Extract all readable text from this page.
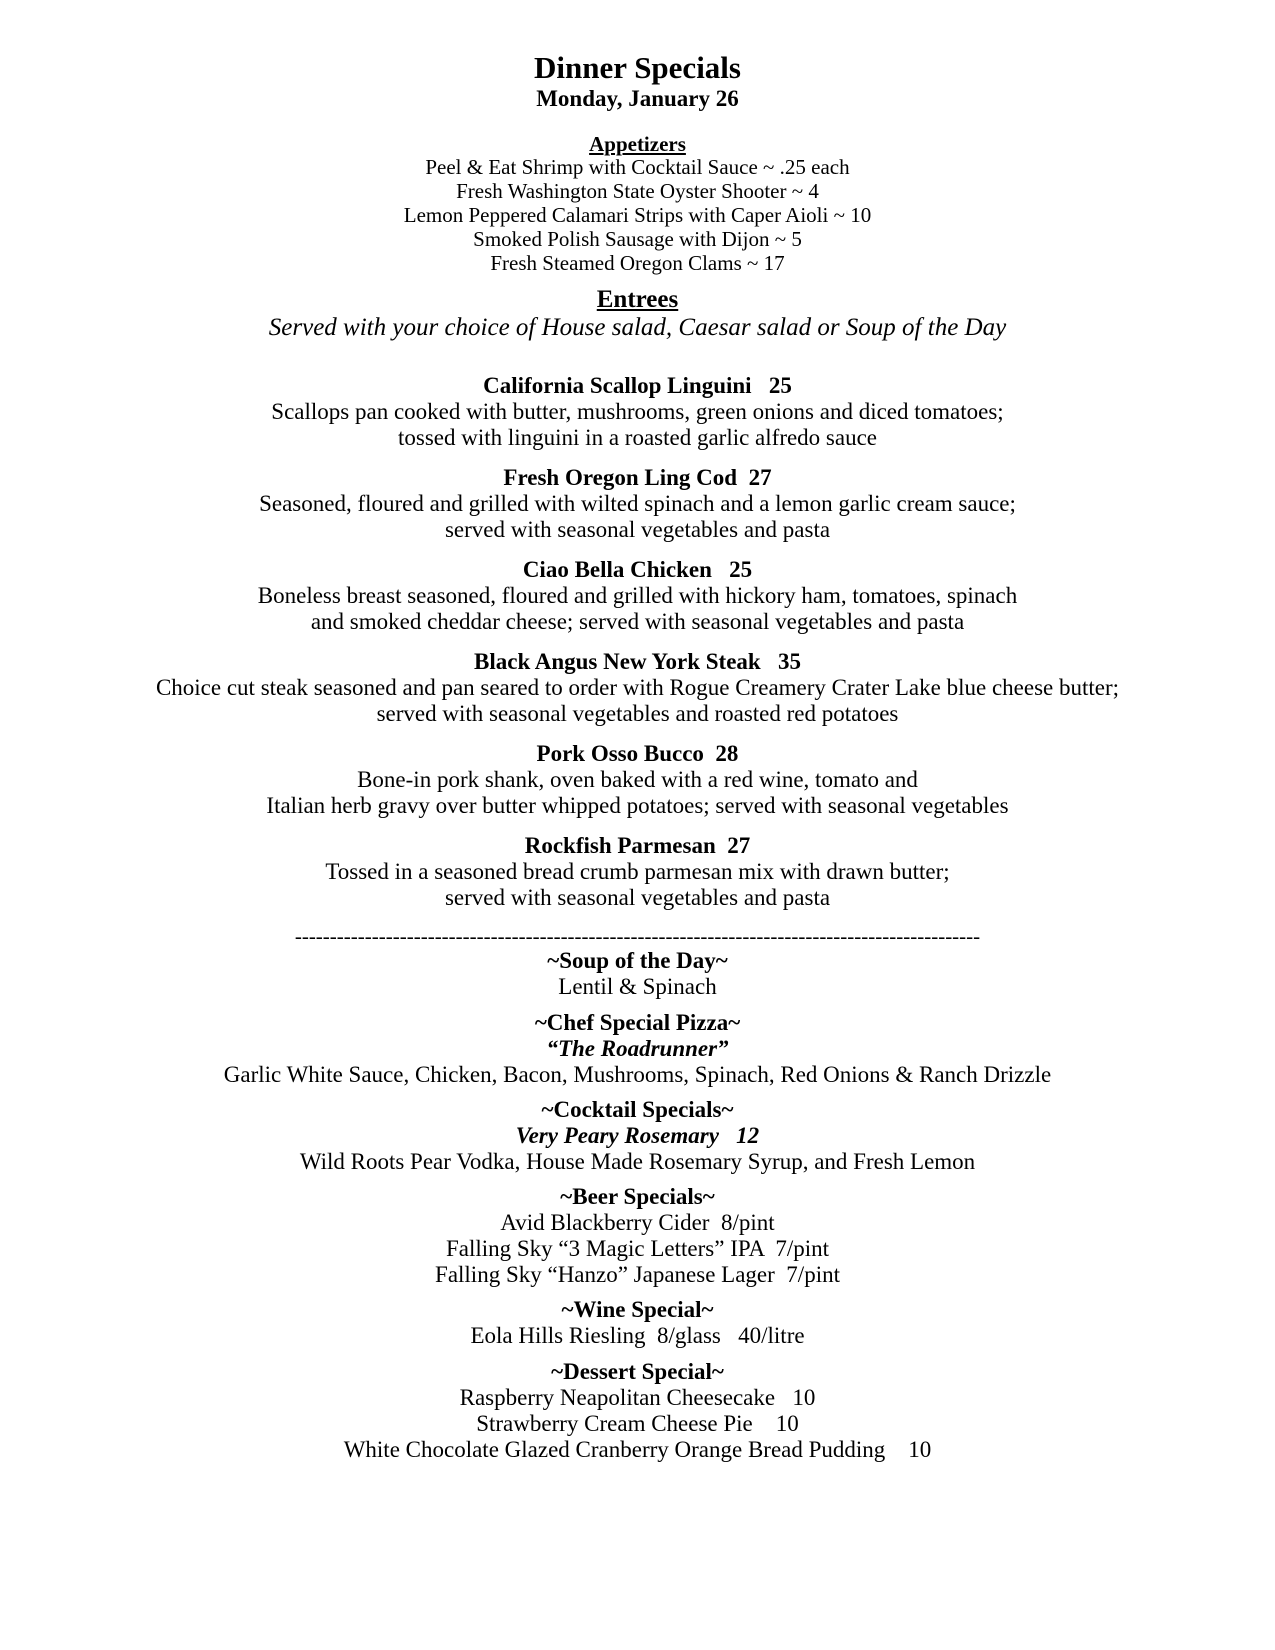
Dinner Specials
Monday, January 26
Appetizers
Peel & Eat Shrimp with Cocktail Sauce ~ .25 each
Fresh Washington State Oyster Shooter ~ 4
Lemon Peppered Calamari Strips with Caper Aioli ~ 10
Smoked Polish Sausage with Dijon ~ 5
Fresh Steamed Oregon Clams ~ 17
Entrees
Served with your choice of House salad, Caesar salad or Soup of the Day
California Scallop Linguini   25
Scallops pan cooked with butter, mushrooms, green onions and diced tomatoes;
tossed with linguini in a roasted garlic alfredo sauce
Fresh Oregon Ling Cod  27
Seasoned, floured and grilled with wilted spinach and a lemon garlic cream sauce;
served with seasonal vegetables and pasta
Ciao Bella Chicken   25
Boneless breast seasoned, floured and grilled with hickory ham, tomatoes, spinach
and smoked cheddar cheese; served with seasonal vegetables and pasta
Black Angus New York Steak   35
Choice cut steak seasoned and pan seared to order with Rogue Creamery Crater Lake blue cheese butter;
served with seasonal vegetables and roasted red potatoes
Pork Osso Bucco  28
Bone-in pork shank, oven baked with a red wine, tomato and
Italian herb gravy over butter whipped potatoes; served with seasonal vegetables
Rockfish Parmesan  27
Tossed in a seasoned bread crumb parmesan mix with drawn butter;
served with seasonal vegetables and pasta
--------------------------------------------------------------------------------------------------
~Soup of the Day~
Lentil & Spinach
~Chef Special Pizza~
“The Roadrunner”
Garlic White Sauce, Chicken, Bacon, Mushrooms, Spinach, Red Onions & Ranch Drizzle
~Cocktail Specials~
Very Peary Rosemary   12
Wild Roots Pear Vodka, House Made Rosemary Syrup, and Fresh Lemon
~Beer Specials~
Avid Blackberry Cider  8/pint
Falling Sky “3 Magic Letters” IPA  7/pint
Falling Sky “Hanzo” Japanese Lager  7/pint
~Wine Special~
Eola Hills Riesling  8/glass   40/litre
~Dessert Special~
Raspberry Neapolitan Cheesecake   10
Strawberry Cream Cheese Pie    10
White Chocolate Glazed Cranberry Orange Bread Pudding    10
